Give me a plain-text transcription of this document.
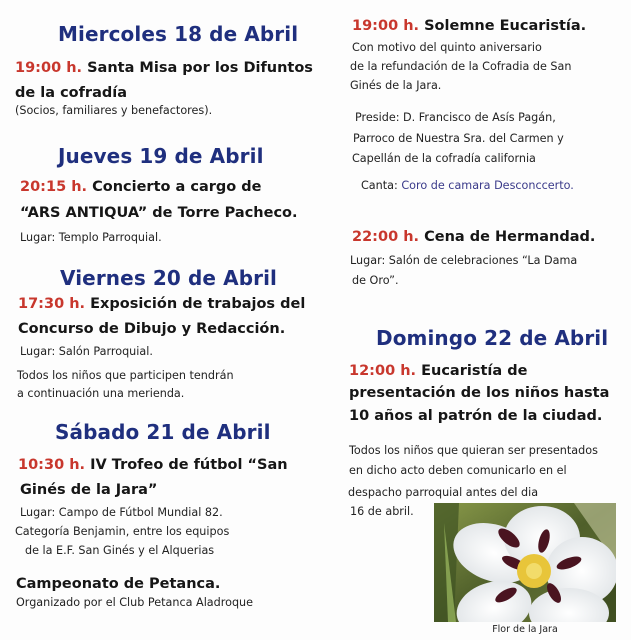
Miercoles 18 de Abril
19:00 h. Santa Misa por los Difuntos
de la cofradía
(Socios, familiares y benefactores).
Jueves 19 de Abril
20:15 h. Concierto a cargo de
“ARS ANTIQUA” de Torre Pacheco.
Lugar: Templo Parroquial.
Viernes 20 de Abril
17:30 h. Exposición de trabajos del
Concurso de Dibujo y Redacción.
Lugar: Salón Parroquial.
Todos los niños que participen tendrán
a continuación una merienda.
Sábado 21 de Abril
10:30 h. IV Trofeo de fútbol “San
Ginés de la Jara”
Lugar: Campo de Fútbol Mundial 82.
Categoría Benjamin, entre los equipos
de la E.F. San Ginés y el Alquerias
Campeonato de Petanca.
Organizado por el Club Petanca Aladroque
19:00 h. Solemne Eucaristía.
Con motivo del quinto aniversario
de la refundación de la Cofradia de San
Ginés de la Jara.
Preside: D. Francisco de Asís Pagán,
Parroco de Nuestra Sra. del Carmen y
Capellán de la cofradía california
Canta: Coro de camara Desconccerto.
22:00 h. Cena de Hermandad.
Lugar: Salón de celebraciones “La Dama
de Oro”.
Domingo 22 de Abril
12:00 h. Eucaristía de
presentación de los niños hasta
10 años al patrón de la ciudad.
Todos los niños que quieran ser presentados
en dicho acto deben comunicarlo en el
despacho parroquial antes del dia
16 de abril.
Flor de la Jara
